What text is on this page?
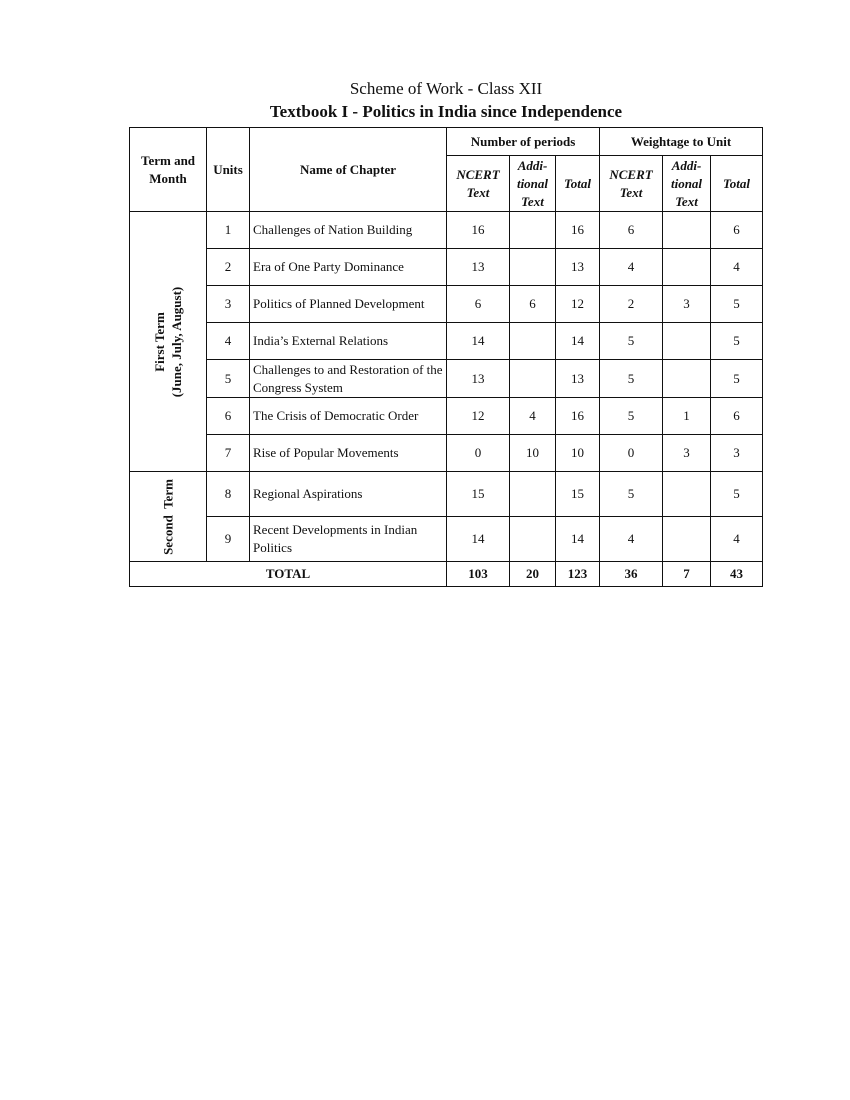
Scheme of Work - Class XII
Textbook I - Politics in India since Independence
Term and Month	Units	Name of Chapter	Number of periods			Weightage to Unit		
			NCERT Text	Addi- tional Text	Total	NCERT Text	Addi- tional Text	Total

First Term (June, July, August)	1	Challenges of Nation Building	16		16	6		6
	2	Era of One Party Dominance	13		13	4		4
	3	Politics of Planned Development	6	6	12	2	3	5
	4	India’s External Relations	14		14	5		5
	5	Challenges to and Restoration of the Congress System	13		13	5		5
	6	The Crisis of Democratic Order	12	4	16	5	1	6
	7	Rise of Popular Movements	0	10	10	0	3	3

Second  Term	8	Regional Aspirations	15		15	5		5
	9	Recent Developments in Indian Politics	14		14	4		4
TOTAL			103	20	123	36	7	43
